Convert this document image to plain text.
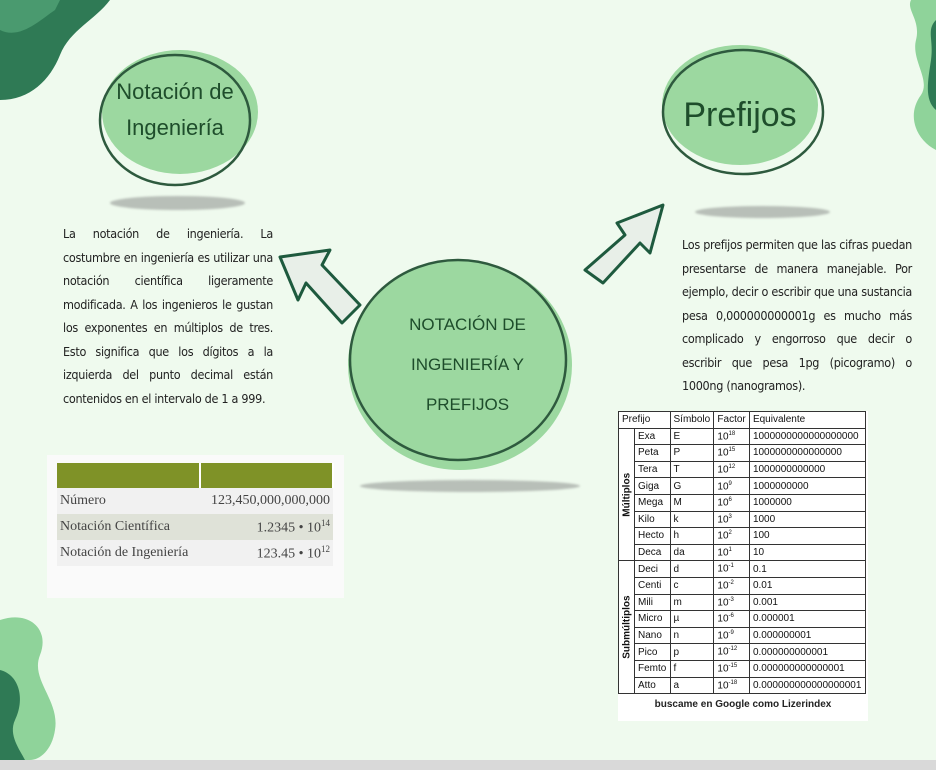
Notación de
Ingeniería	Prefijos
NOTACIÓN DE INGENIERÍA Y
PREFIJOS
La notación de ingeniería. La costumbre en ingeniería es utilizar una notación científica ligeramente modificada. A los ingenieros le gustan los exponentes en múltiplos de tres. Esto significa que los dígitos a la izquierda del punto decimal están contenidos en el intervalo de 1 a 999.
Los prefijos permiten que las cifras puedan presentarse de manera manejable. Por ejemplo, decir o escribir que una sustancia pesa 0,000000000001g es mucho más complicado y engorroso que decir o escribir que pesa 1pg (picogramo) o 1000ng (nanogramos).

Número	123,450,000,000,000
Notación Científica	1.2345 • $10^{14}$
Notación de Ingeniería	123.45 • $10^{12}$
Prefijo		Símbolo	Factor	Equivalente
Múltiplos	Exa	E	$10^{18}$	1000000000000000000
	Peta	P	$10^{15}$	1000000000000000
	Tera	T	$10^{12}$	1000000000000
	Giga	G	$10^9$	1000000000
	Mega	M	$10^6$	1000000
	Kilo	k	$10^3$	1000
	Hecto	h	$10^2$	100
	Deca	da	$10^1$	10
Submúltiplos	Deci	d	$10^{-1}$	0.1
	Centi	c	$10^{-2}$	0.01
	Mili	m	$10^{-3}$	0.001
	Micro	µ	$10^{-6}$	0.000001
	Nano	n	$10^{-9}$	0.000000001
	Pico	p	$10^{-12}$	0.000000000001
	Femto	f	$10^{-15}$	0.000000000000001
	Atto	a	$10^{-18}$	0.000000000000000001
buscame en Google como Lizerindex
